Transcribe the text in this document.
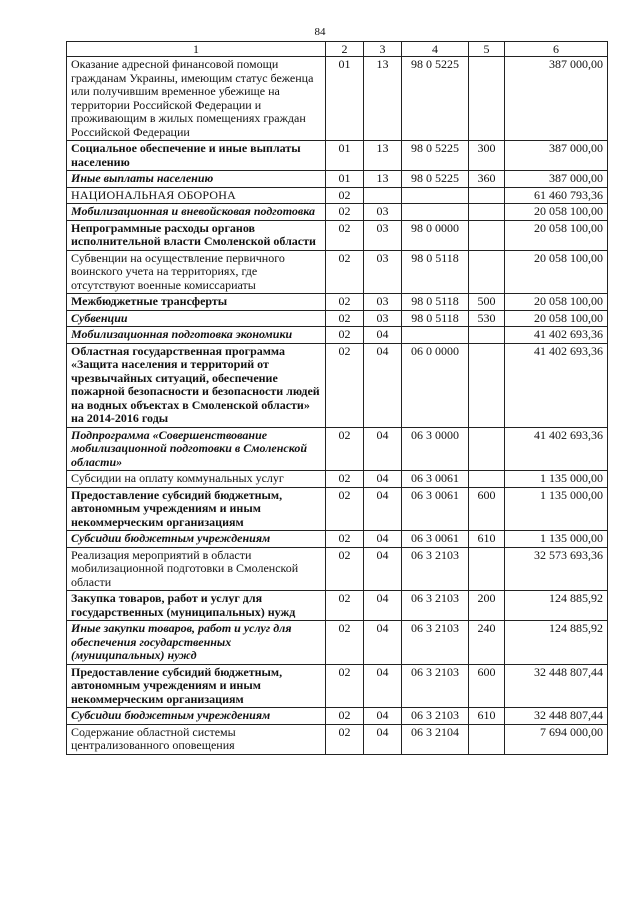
84
1	2	3	4	5	6
Оказание адресной финансовой помощи гражданам Украины, имеющим статус беженца или получившим временное убежище на территории Российской Федерации и проживающим в жилых помещениях граждан Российской Федерации	01	13	98 0 5225		387 000,00
Социальное обеспечение и иные выплаты населению	01	13	98 0 5225	300	387 000,00
Иные выплаты населению	01	13	98 0 5225	360	387 000,00
НАЦИОНАЛЬНАЯ ОБОРОНА	02				61 460 793,36
Мобилизационная и вневойсковая подготовка	02	03			20 058 100,00
Непрограммные расходы органов исполнительной власти Смоленской области	02	03	98 0 0000		20 058 100,00
Субвенции на осуществление первичного воинского учета на территориях, где отсутствуют военные комиссариаты	02	03	98 0 5118		20 058 100,00
Межбюджетные трансферты	02	03	98 0 5118	500	20 058 100,00
Субвенции	02	03	98 0 5118	530	20 058 100,00
Мобилизационная подготовка экономики	02	04			41 402 693,36
Областная государственная программа «Защита населения и территорий от чрезвычайных ситуаций, обеспечение пожарной безопасности и безопасности людей на водных объектах в Смоленской области» на 2014-2016 годы	02	04	06 0 0000		41 402 693,36
Подпрограмма «Совершенствование мобилизационной подготовки в Смоленской области»	02	04	06 3 0000		41 402 693,36
Субсидии на оплату коммунальных услуг	02	04	06 3 0061		1 135 000,00
Предоставление субсидий бюджетным, автономным учреждениям и иным некоммерческим организациям	02	04	06 3 0061	600	1 135 000,00
Субсидии бюджетным учреждениям	02	04	06 3 0061	610	1 135 000,00
Реализация мероприятий в области мобилизационной подготовки в Смоленской области	02	04	06 3 2103		32 573 693,36
Закупка товаров, работ и услуг для государственных (муниципальных) нужд	02	04	06 3 2103	200	124 885,92
Иные закупки товаров, работ и услуг для обеспечения государственных (муниципальных) нужд	02	04	06 3 2103	240	124 885,92
Предоставление субсидий бюджетным, автономным учреждениям и иным некоммерческим организациям	02	04	06 3 2103	600	32 448 807,44
Субсидии бюджетным учреждениям	02	04	06 3 2103	610	32 448 807,44
Содержание областной системы централизованного оповещения	02	04	06 3 2104		7 694 000,00
